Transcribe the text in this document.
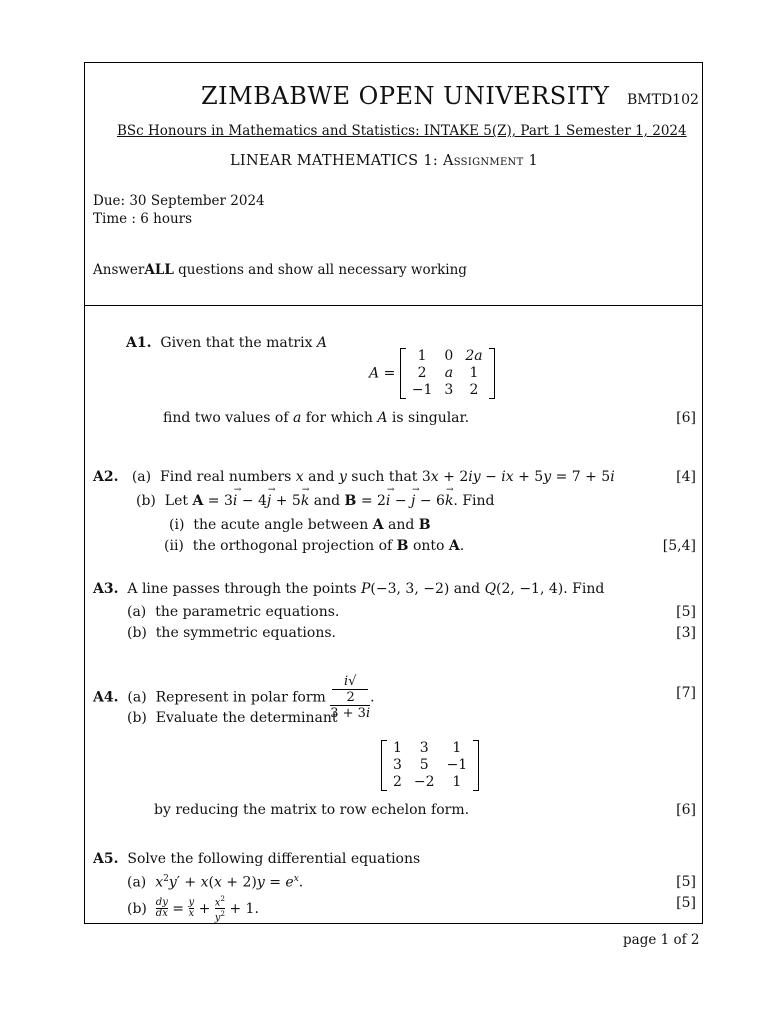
ZIMBABWE OPEN UNIVERSITY BMTD102
BSc Honours in Mathematics and Statistics: INTAKE 5(Z), Part 1 Semester 1, 2024
LINEAR MATHEMATICS 1: Assignment 1
Due: 30 September 2024
Time : 6 hours
AnswerALL questions and show all necessary working
A1. Given that the matrix A
A =
1	0	2a
2	a	1
−1	3	2
find two values of a for which A is singular.	[6]
A2. (a) Find real numbers x and y such that 3x + 2iy − ix + 5y = 7 + 5i	[4]
(b) Let A = 3→ i − 4→ j + 5→ k and B = 2→ i − → j − 6→ k. Find
(i) the acute angle between A and B
(ii) the orthogonal projection of B onto A.	[5,4]
A3. A line passes through the points P(−3, 3, −2) and Q(2, −1, 4). Find
(a) the parametric equations.	[5]
(b) the symmetric equations.	[3]
A4. (a) Represent in polar form i√
2
3 + 3i .	[7]
(b) Evaluate the determinant
1	3	1
3	5	−1
2	−2	1
by reducing the matrix to row echelon form.	[6]
A5. Solve the following differential equations
(a) $x^2y' + x(x + 2)y = e^x$.	[5]
$(b) \frac{dy}{dx} = \frac{y}{x} + \frac{x^2}{y^2} + 1$.	[5]
page 1 of 2
